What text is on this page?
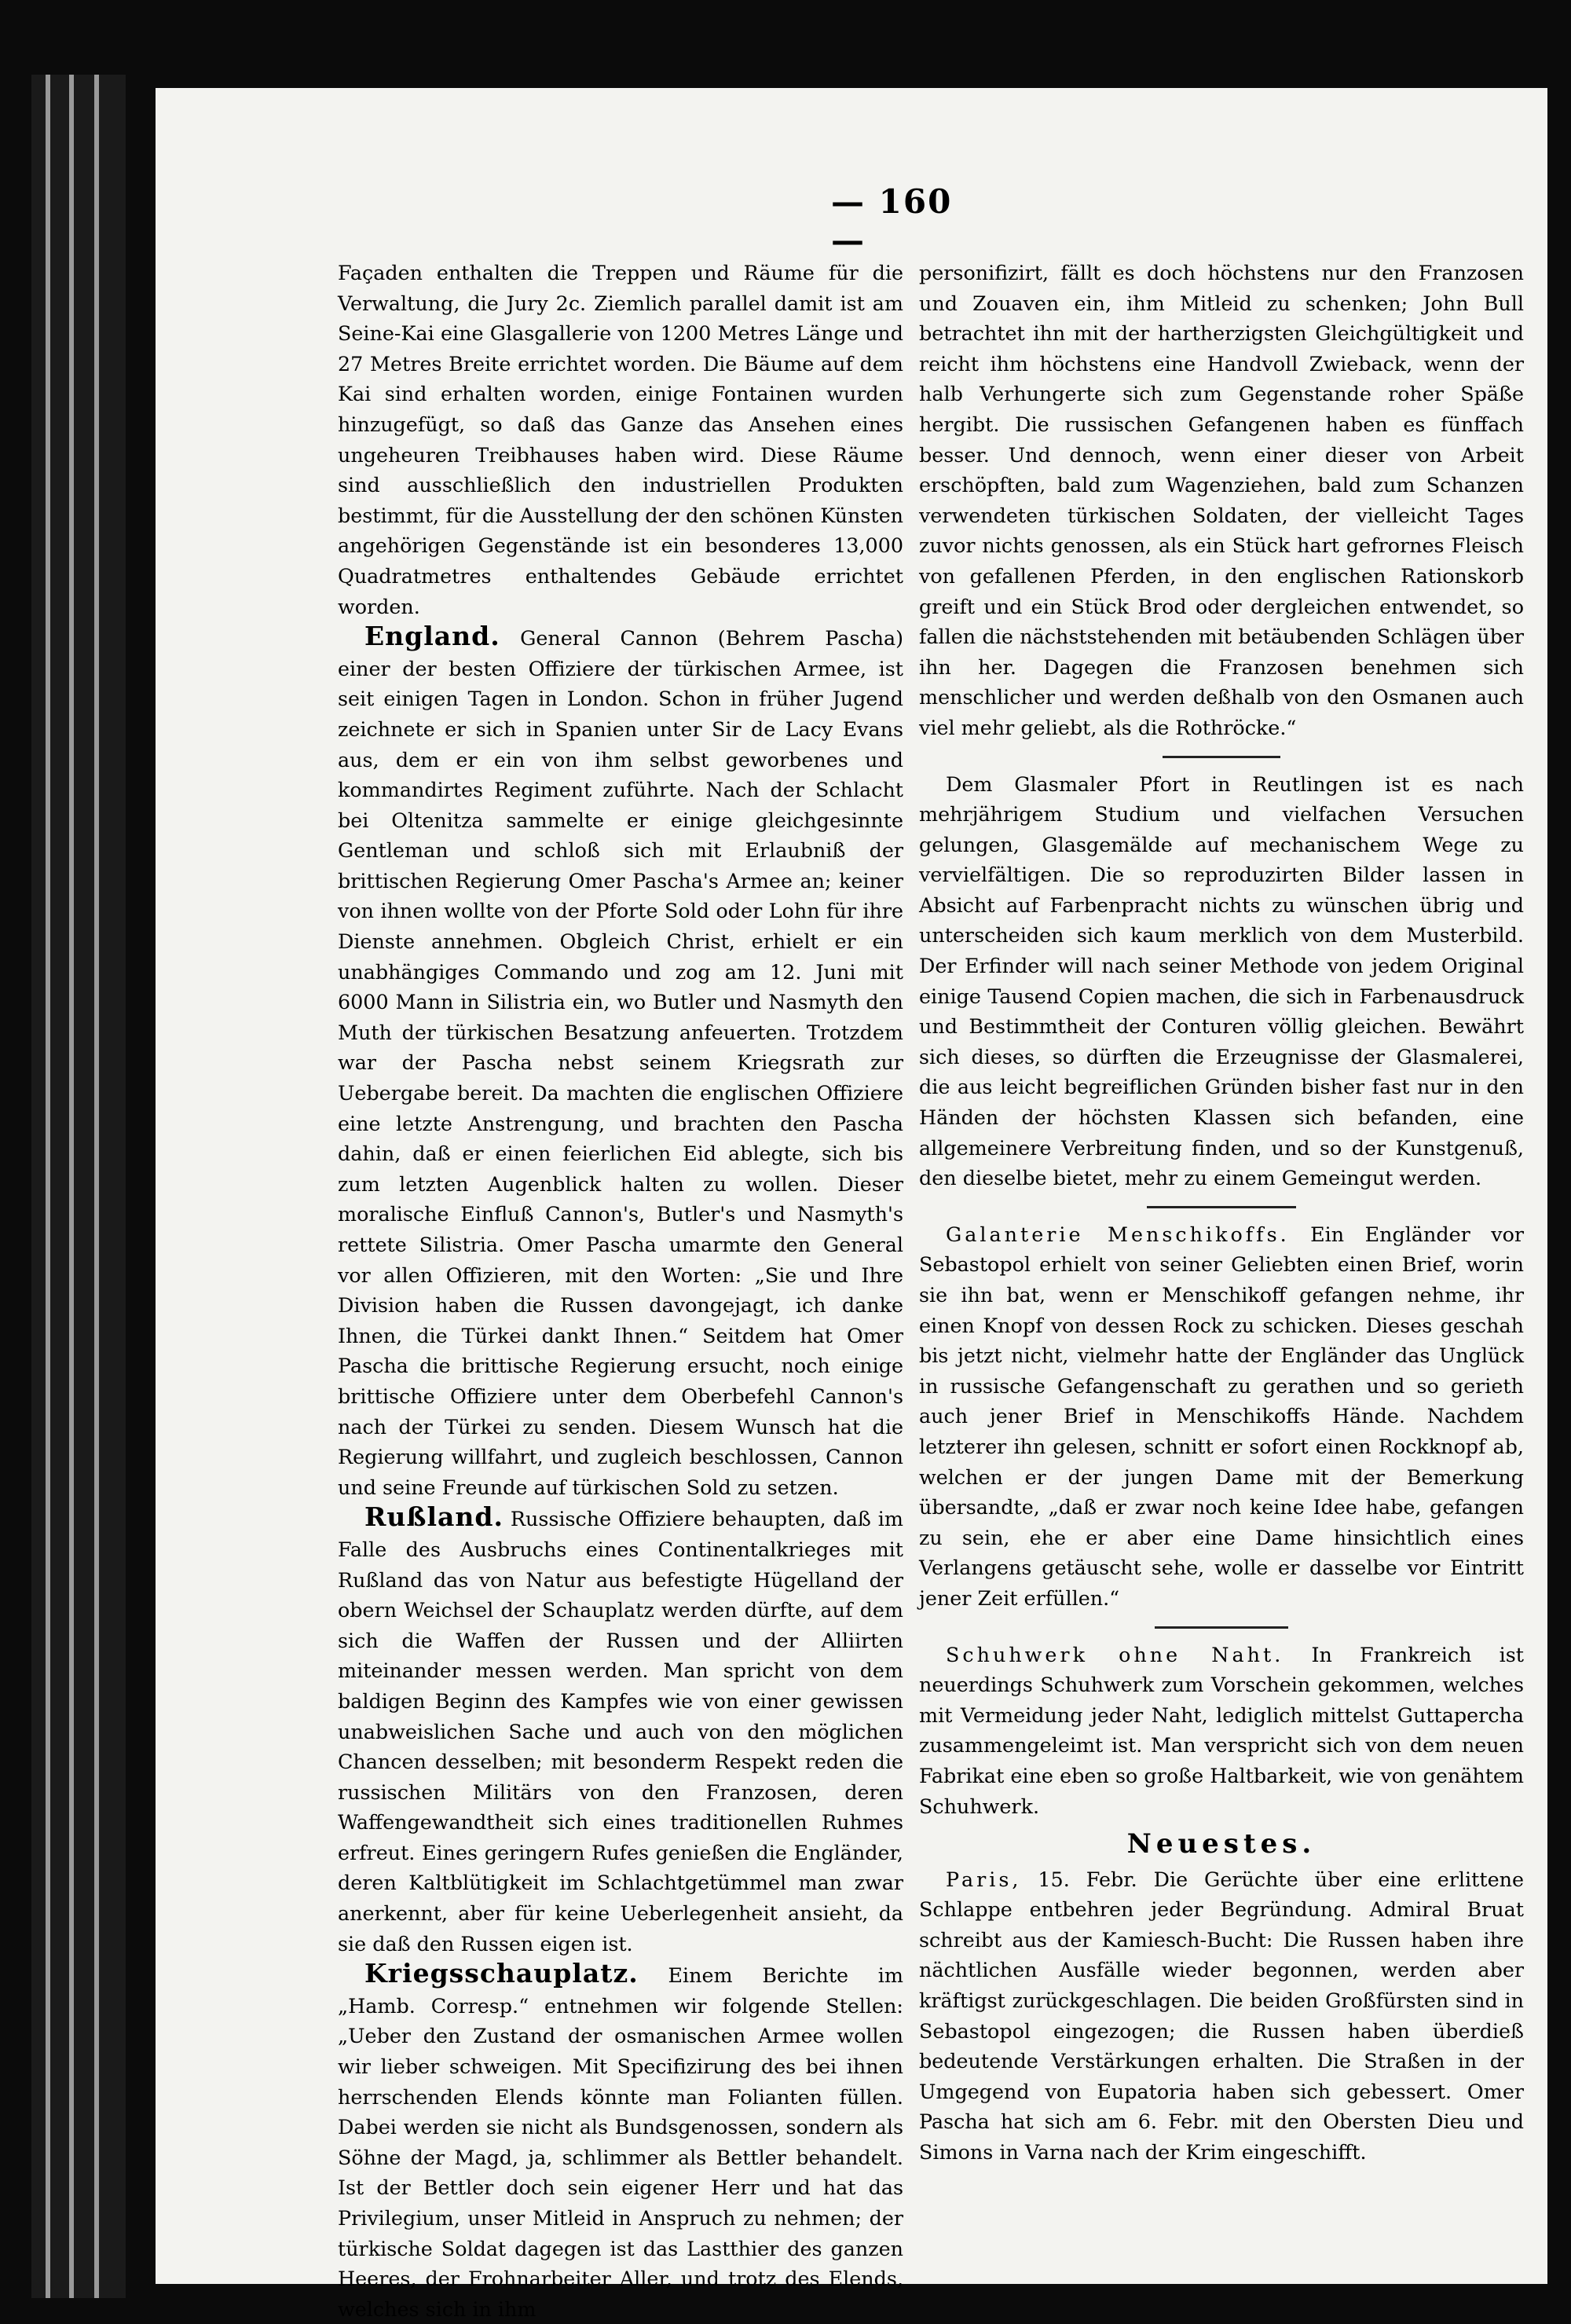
— 160 —

Façaden enthalten die Treppen und Räume für die Verwaltung, die Jury 2c. Ziemlich parallel damit ist am Seine-Kai eine Glasgallerie von 1200 Metres Länge und 27 Metres Breite errichtet worden. Die Bäume auf dem Kai sind erhalten worden, einige Fontainen wurden hinzugefügt, so daß das Ganze das Ansehen eines ungeheuren Treibhauses haben wird. Diese Räume sind ausschließlich den industriellen Produkten bestimmt, für die Ausstellung der den schönen Künsten angehörigen Gegenstände ist ein besonderes 13,000 Quadratmetres enthaltendes Gebäude errichtet worden.

England. General Cannon (Behrem Pascha) einer der besten Offiziere der türkischen Armee, ist seit einigen Tagen in London. Schon in früher Jugend zeichnete er sich in Spanien unter Sir de Lacy Evans aus, dem er ein von ihm selbst geworbenes und kommandirtes Regiment zuführte. Nach der Schlacht bei Oltenitza sammelte er einige gleichgesinnte Gentleman und schloß sich mit Erlaubniß der brittischen Regierung Omer Pascha's Armee an; keiner von ihnen wollte von der Pforte Sold oder Lohn für ihre Dienste annehmen. Obgleich Christ, erhielt er ein unabhängiges Commando und zog am 12. Juni mit 6000 Mann in Silistria ein, wo Butler und Nasmyth den Muth der türkischen Besatzung anfeuerten. Trotzdem war der Pascha nebst seinem Kriegsrath zur Uebergabe bereit. Da machten die englischen Offiziere eine letzte Anstrengung, und brachten den Pascha dahin, daß er einen feierlichen Eid ablegte, sich bis zum letzten Augenblick halten zu wollen. Dieser moralische Einfluß Cannon's, Butler's und Nasmyth's rettete Silistria. Omer Pascha umarmte den General vor allen Offizieren, mit den Worten: „Sie und Ihre Division haben die Russen davongejagt, ich danke Ihnen, die Türkei dankt Ihnen.“ Seitdem hat Omer Pascha die brittische Regierung ersucht, noch einige brittische Offiziere unter dem Oberbefehl Cannon's nach der Türkei zu senden. Diesem Wunsch hat die Regierung willfahrt, und zugleich beschlossen, Cannon und seine Freunde auf türkischen Sold zu setzen.

Rußland. Russische Offiziere behaupten, daß im Falle des Ausbruchs eines Continentalkrieges mit Rußland das von Natur aus befestigte Hügelland der obern Weichsel der Schauplatz werden dürfte, auf dem sich die Waffen der Russen und der Alliirten miteinander messen werden. Man spricht von dem baldigen Beginn des Kampfes wie von einer gewissen unabweislichen Sache und auch von den möglichen Chancen desselben; mit besonderm Respekt reden die russischen Militärs von den Franzosen, deren Waffengewandtheit sich eines traditionellen Ruhmes erfreut. Eines geringern Rufes genießen die Engländer, deren Kaltblütigkeit im Schlachtgetümmel man zwar anerkennt, aber für keine Ueberlegenheit ansieht, da sie daß den Russen eigen ist.

Kriegsschauplatz. Einem Berichte im „Hamb. Corresp.“ entnehmen wir folgende Stellen: „Ueber den Zustand der osmanischen Armee wollen wir lieber schweigen. Mit Specifizirung des bei ihnen herrschenden Elends könnte man Folianten füllen. Dabei werden sie nicht als Bundsgenossen, sondern als Söhne der Magd, ja, schlimmer als Bettler behandelt. Ist der Bettler doch sein eigener Herr und hat das Privilegium, unser Mitleid in Anspruch zu nehmen; der türkische Soldat dagegen ist das Lastthier des ganzen Heeres, der Frohnarbeiter Aller, und trotz des Elends, welches sich in ihm

personifizirt, fällt es doch höchstens nur den Franzosen und Zouaven ein, ihm Mitleid zu schenken; John Bull betrachtet ihn mit der hartherzigsten Gleichgültigkeit und reicht ihm höchstens eine Handvoll Zwieback, wenn der halb Verhungerte sich zum Gegenstande roher Späße hergibt. Die russischen Gefangenen haben es fünffach besser. Und dennoch, wenn einer dieser von Arbeit erschöpften, bald zum Wagenziehen, bald zum Schanzen verwendeten türkischen Soldaten, der vielleicht Tages zuvor nichts genossen, als ein Stück hart gefrornes Fleisch von gefallenen Pferden, in den englischen Rationskorb greift und ein Stück Brod oder dergleichen entwendet, so fallen die nächststehenden mit betäubenden Schlägen über ihn her. Dagegen die Franzosen benehmen sich menschlicher und werden deßhalb von den Osmanen auch viel mehr geliebt, als die Rothröcke.“

Dem Glasmaler Pfort in Reutlingen ist es nach mehrjährigem Studium und vielfachen Versuchen gelungen, Glasgemälde auf mechanischem Wege zu vervielfältigen. Die so reproduzirten Bilder lassen in Absicht auf Farbenpracht nichts zu wünschen übrig und unterscheiden sich kaum merklich von dem Musterbild. Der Erfinder will nach seiner Methode von jedem Original einige Tausend Copien machen, die sich in Farbenausdruck und Bestimmtheit der Conturen völlig gleichen. Bewährt sich dieses, so dürften die Erzeugnisse der Glasmalerei, die aus leicht begreiflichen Gründen bisher fast nur in den Händen der höchsten Klassen sich befanden, eine allgemeinere Verbreitung finden, und so der Kunstgenuß, den dieselbe bietet, mehr zu einem Gemeingut werden.

Galanterie Menschikoffs. Ein Engländer vor Sebastopol erhielt von seiner Geliebten einen Brief, worin sie ihn bat, wenn er Menschikoff gefangen nehme, ihr einen Knopf von dessen Rock zu schicken. Dieses geschah bis jetzt nicht, vielmehr hatte der Engländer das Unglück in russische Gefangenschaft zu gerathen und so gerieth auch jener Brief in Menschikoffs Hände. Nachdem letzterer ihn gelesen, schnitt er sofort einen Rockknopf ab, welchen er der jungen Dame mit der Bemerkung übersandte, „daß er zwar noch keine Idee habe, gefangen zu sein, ehe er aber eine Dame hinsichtlich eines Verlangens getäuscht sehe, wolle er dasselbe vor Eintritt jener Zeit erfüllen.“

Schuhwerk ohne Naht. In Frankreich ist neuerdings Schuhwerk zum Vorschein gekommen, welches mit Vermeidung jeder Naht, lediglich mittelst Guttapercha zusammengeleimt ist. Man verspricht sich von dem neuen Fabrikat eine eben so große Haltbarkeit, wie von genähtem Schuhwerk.

Neuestes.

Paris, 15. Febr. Die Gerüchte über eine erlittene Schlappe entbehren jeder Begründung. Admiral Bruat schreibt aus der Kamiesch-Bucht: Die Russen haben ihre nächtlichen Ausfälle wieder begonnen, werden aber kräftigst zurückgeschlagen. Die beiden Großfürsten sind in Sebastopol eingezogen; die Russen haben überdieß bedeutende Verstärkungen erhalten. Die Straßen in der Umgegend von Eupatoria haben sich gebessert. Omer Pascha hat sich am 6. Febr. mit den Obersten Dieu und Simons in Varna nach der Krim eingeschifft.
